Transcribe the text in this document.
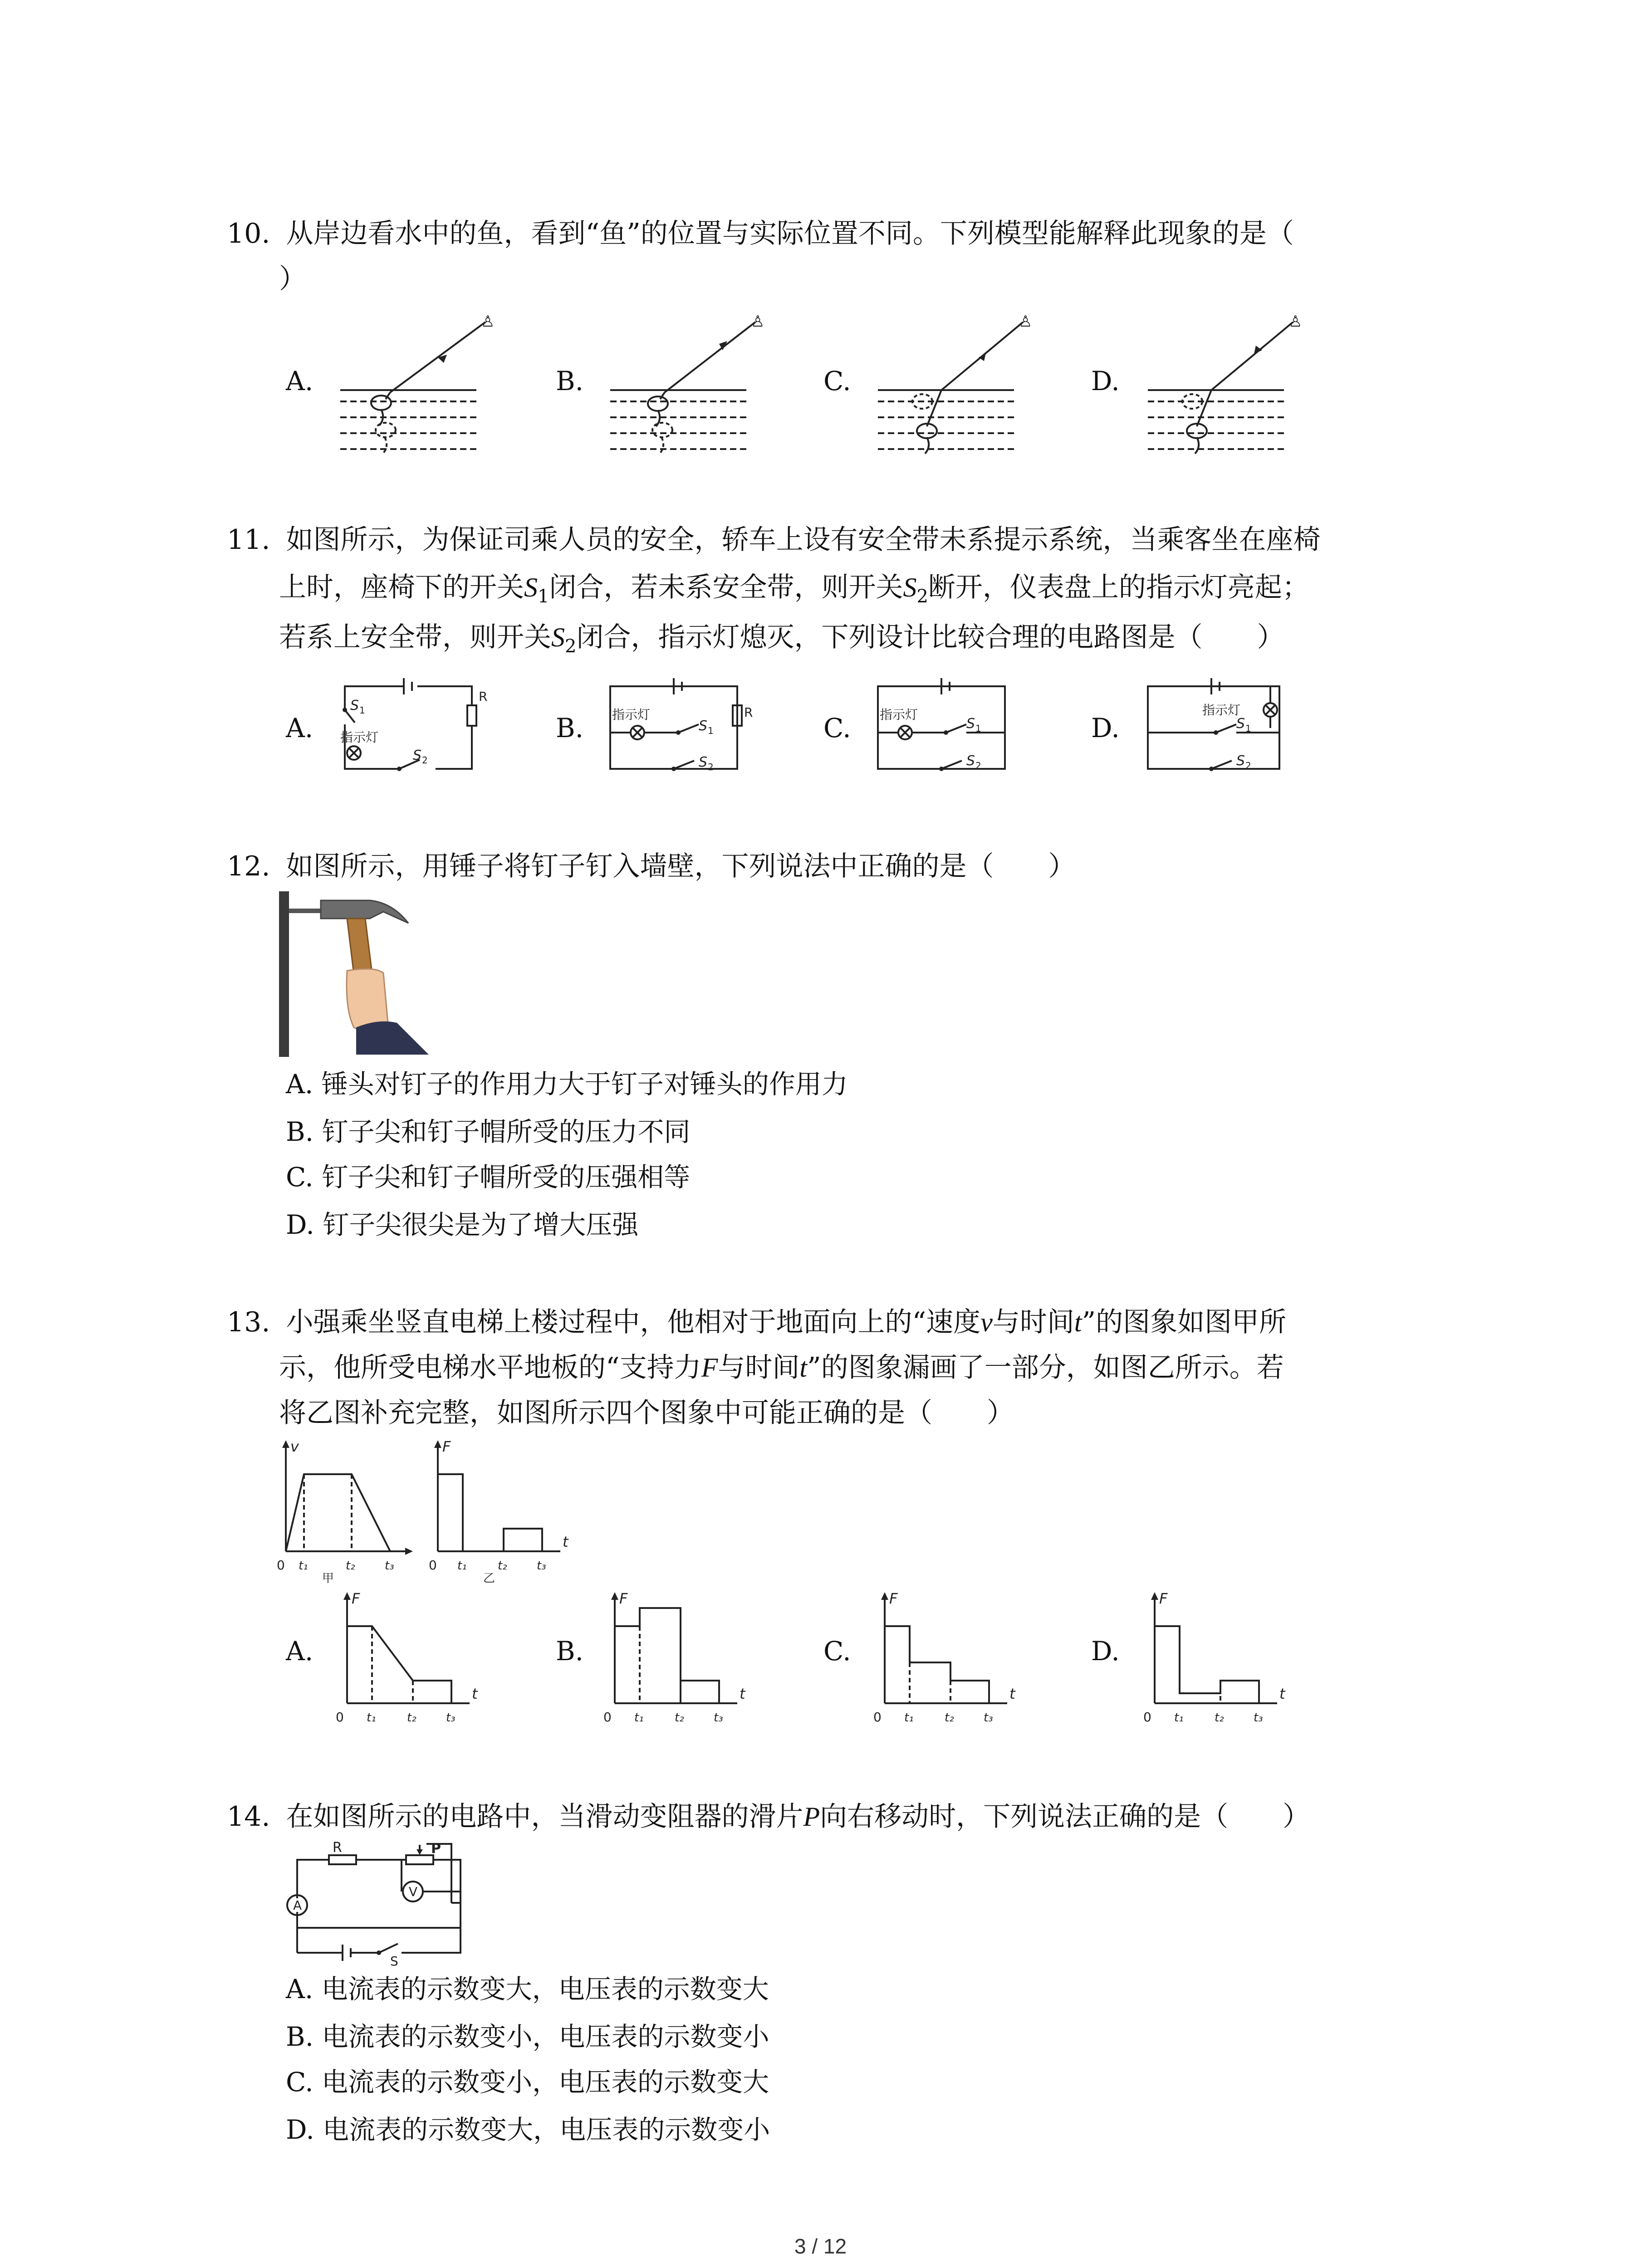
10. 从岸边看水中的鱼，看到“鱼”的位置与实际位置不同。下列模型能解释此现象的是（
）
A.	B.	C.	D.
♙	♙	♙	♙
11. 如图所示，为保证司乘人员的安全，轿车上设有安全带未系提示系统，当乘客坐在座椅
上时，座椅下的开关$S_1$闭合，若未系安全带，则开关$S_2$断开，仪表盘上的指示灯亮起；
若系上安全带，则开关$S_2$闭合，指示灯熄灭，下列设计比较合理的电路图是（　　）
A.	B.	C.	D.
S 1
R
指示灯
S 2
指示灯	R
S 1
S 2
指示灯
S 1
S 2
指示灯
S 1
S 2
12. 如图所示，用锤子将钉子钉入墙壁，下列说法中正确的是（　　）
A. 锤头对钉子的作用力大于钉子对锤头的作用力
B. 钉子尖和钉子帽所受的压力不同
C. 钉子尖和钉子帽所受的压强相等
D. 钉子尖很尖是为了增大压强
13. 小强乘坐竖直电梯上楼过程中，他相对于地面向上的“速度v与时间t”的图象如图甲所
示，他所受电梯水平地板的“支持力F与时间t”的图象漏画了一部分，如图乙所示。若
将乙图补充完整，如图所示四个图象中可能正确的是（　　）
v
0 t₁	t₂	t₃
甲
F
t
0 t₁	t₂	t₃
乙
A.	B.	C.	D.
F
t
0 t₁	t₂	t₃
F
t
0 t₁	t₂	t₃
F
t
0 t₁	t₂	t₃
F
t
0 t₁	t₂	t₃
14. 在如图所示的电路中，当滑动变阻器的滑片P向右移动时，下列说法正确的是（　　）
R	P
A
V
S
A. 电流表的示数变大，电压表的示数变大
B. 电流表的示数变小，电压表的示数变小
C. 电流表的示数变小，电压表的示数变大
D. 电流表的示数变大，电压表的示数变小
3 / 12
